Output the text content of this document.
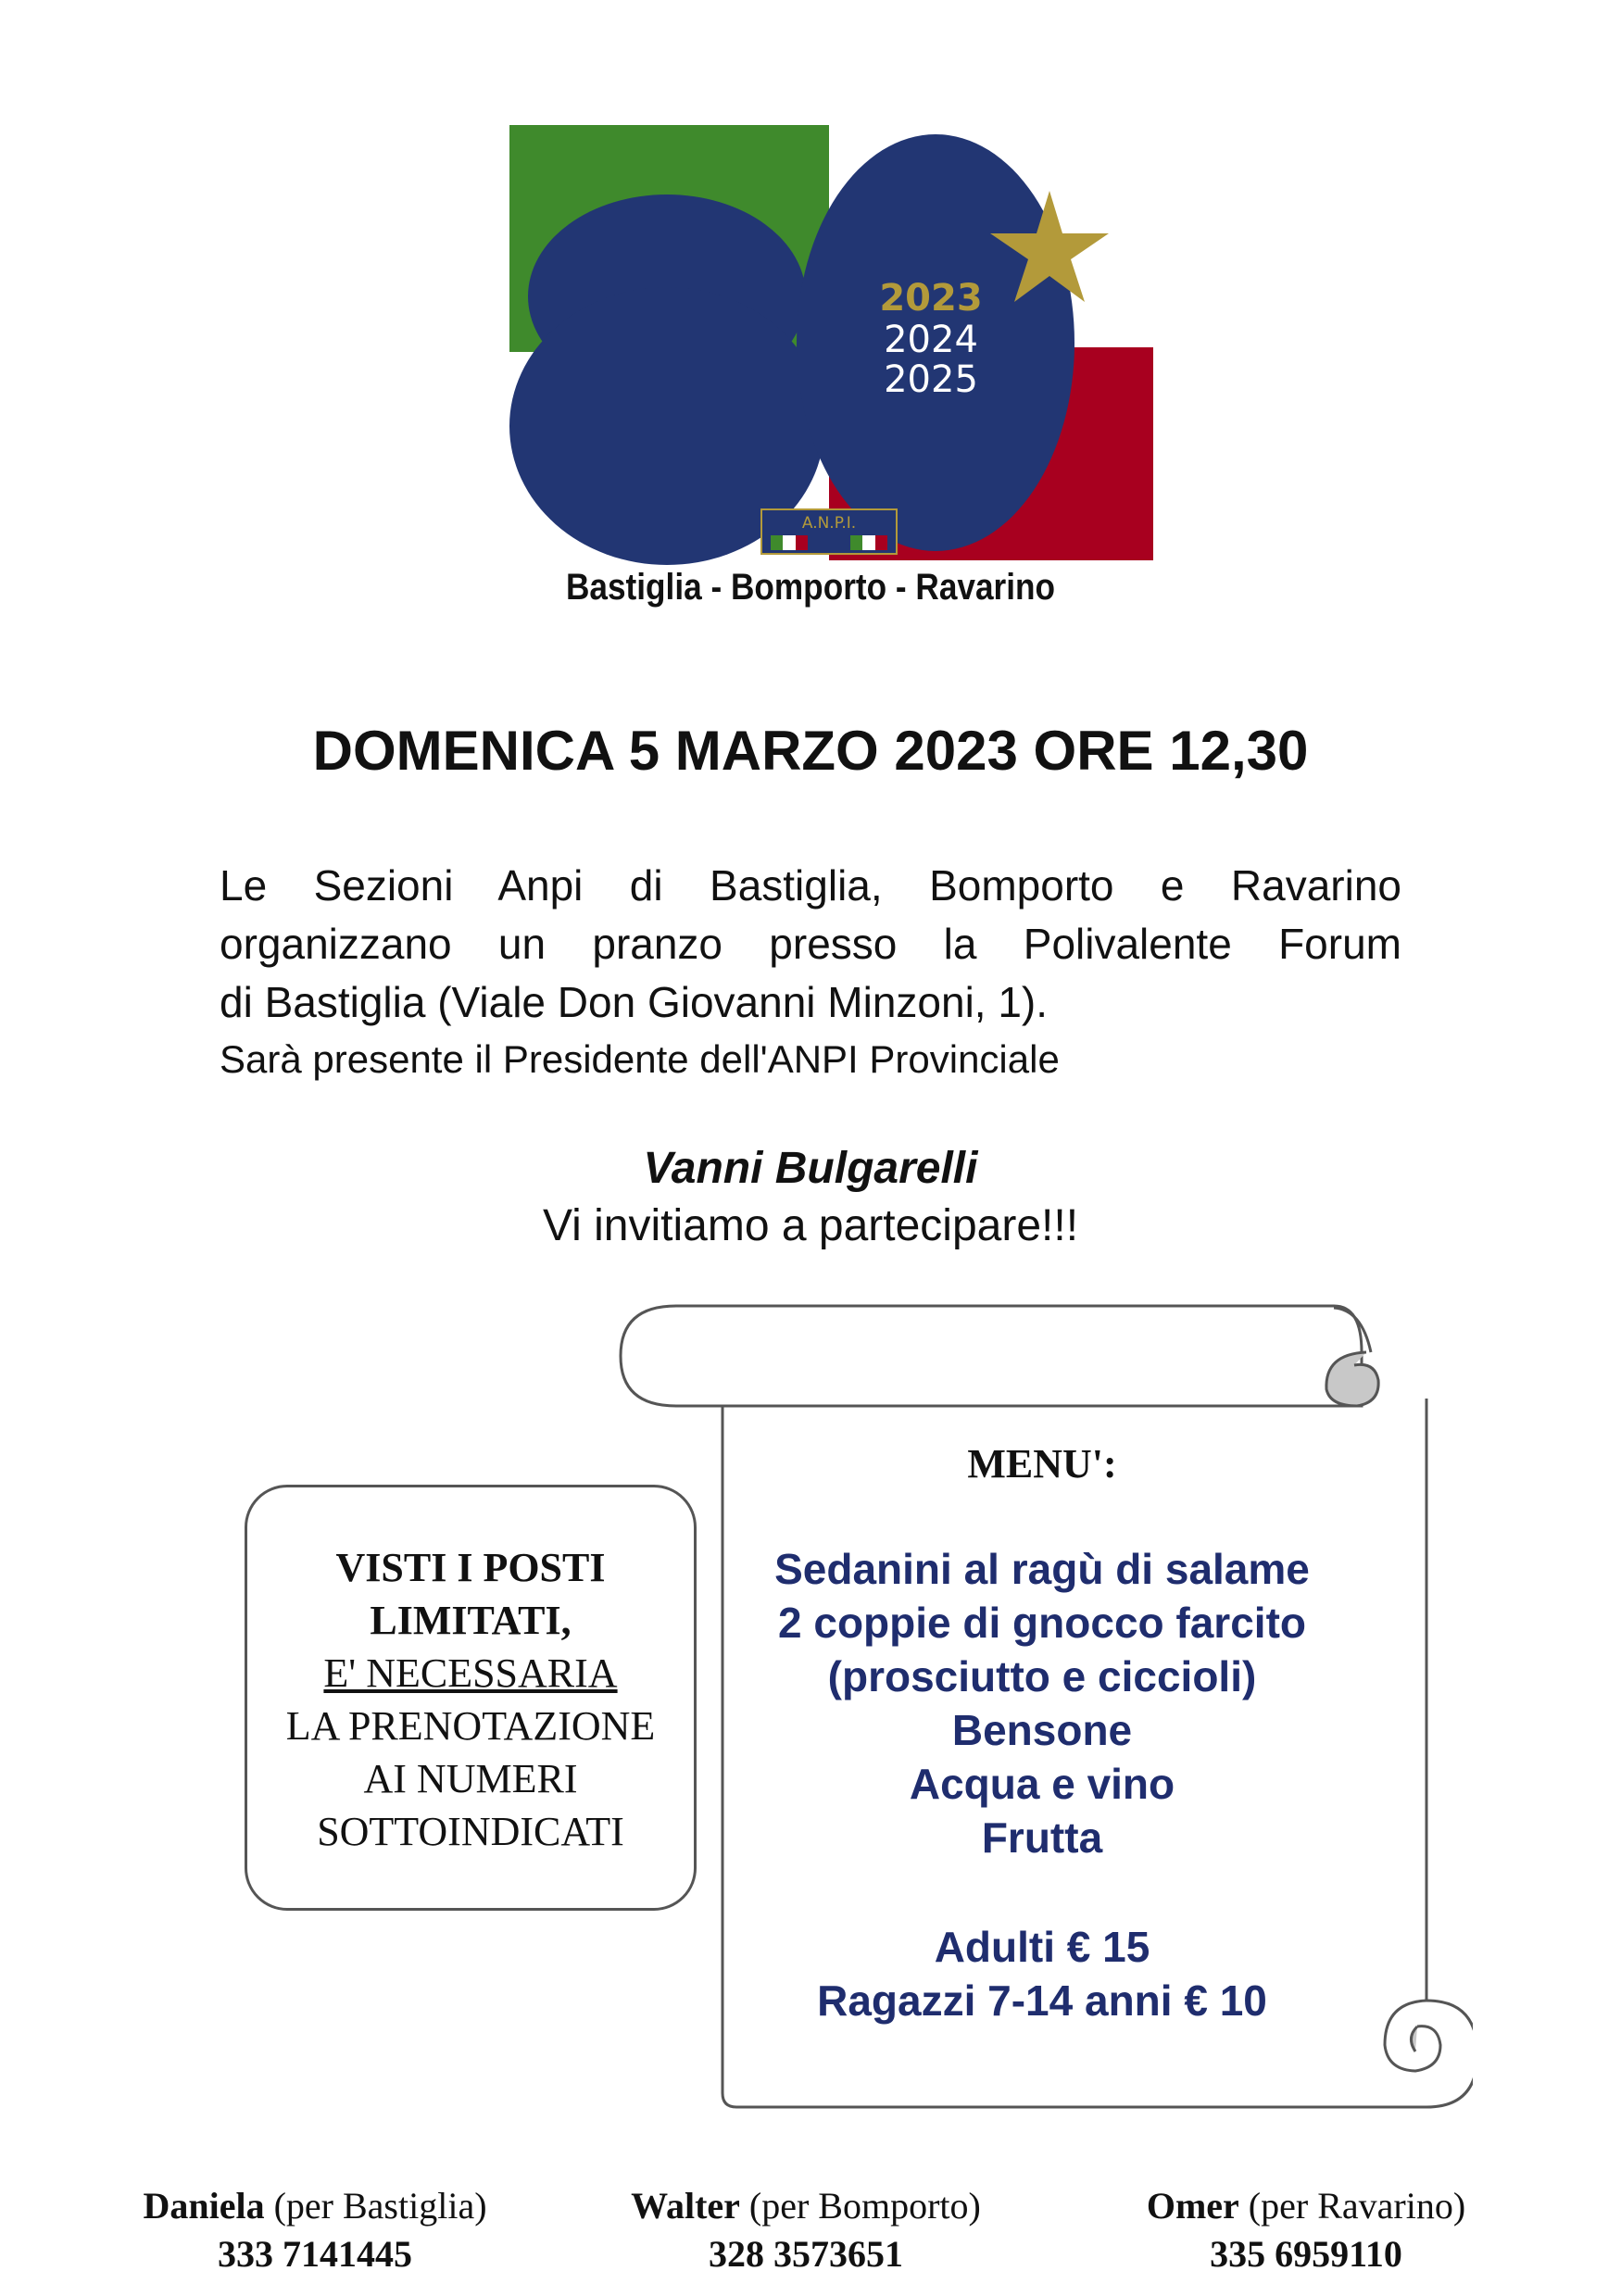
2023
2024
2025
A.N.P.I.
Bastiglia - Bomporto - Ravarino
DOMENICA 5 MARZO 2023 ORE 12,30
Le Sezioni Anpi di Bastiglia, Bomporto e Ravarino
organizzano un pranzo presso la Polivalente Forum
di Bastiglia (Viale Don Giovanni Minzoni, 1).
Sarà presente il Presidente dell'ANPI Provinciale
Vanni Bulgarelli
Vi invitiamo a partecipare!!!
VISTI I POSTI
LIMITATI,
E' NECESSARIA
LA PRENOTAZIONE
AI NUMERI
SOTTOINDICATI
MENU':
Sedanini al ragù di salame
2 coppie di gnocco farcito
(prosciutto e ciccioli)
Bensone
Acqua e vino
Frutta
Adulti € 15
Ragazzi 7-14 anni € 10
Daniela (per Bastiglia)
333 7141445
Walter (per Bomporto)
328 3573651
Omer (per Ravarino)
335 6959110
